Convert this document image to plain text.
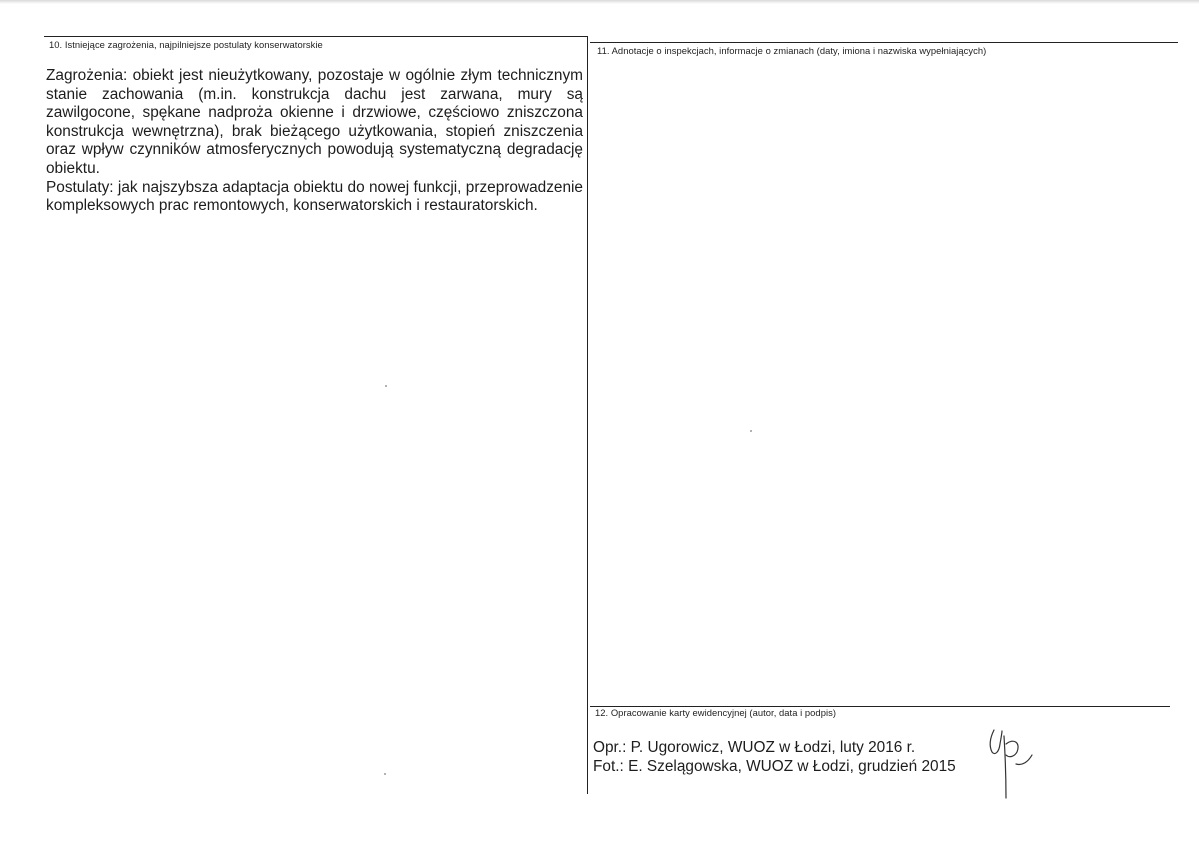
10. Istniejące zagrożenia, najpilniejsze postulaty konserwatorskie

Zagrożenia: obiekt jest nieużytkowany, pozostaje w ogólnie złym technicznym stanie zachowania (m.in. konstrukcja dachu jest zarwana, mury są zawilgocone, spękane nadproża okienne i drzwiowe, częściowo zniszczona konstrukcja wewnętrzna), brak bieżącego użytkowania, stopień zniszczenia oraz wpływ czynników atmosferycznych powodują systematyczną degradację obiektu.

Postulaty: jak najszybsza adaptacja obiektu do nowej funkcji, przeprowadzenie kompleksowych prac remontowych, konserwatorskich i restauratorskich.

11. Adnotacje o inspekcjach, informacje o zmianach (daty, imiona i nazwiska wypełniających)
12. Opracowanie karty ewidencyjnej (autor, data i podpis)
Opr.: P. Ugorowicz, WUOZ w Łodzi, luty 2016 r.
Fot.: E. Szelągowska, WUOZ w Łodzi, grudzień 2015
